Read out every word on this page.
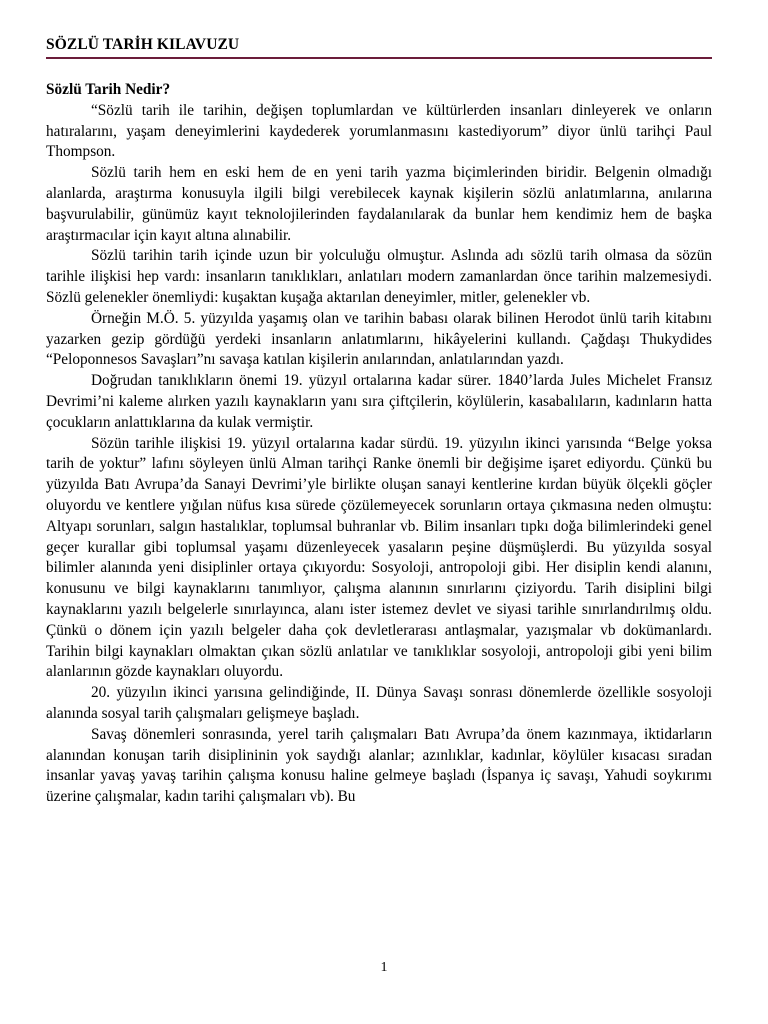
SÖZLÜ TARİH KILAVUZU

Sözlü Tarih Nedir?

“Sözlü tarih ile tarihin, değişen toplumlardan ve kültürlerden insanları dinleyerek ve onların hatıralarını, yaşam deneyimlerini kaydederek yorumlanmasını kastediyorum” diyor ünlü tarihçi Paul Thompson.

Sözlü tarih hem en eski hem de en yeni tarih yazma biçimlerinden biridir. Belgenin olmadığı alanlarda, araştırma konusuyla ilgili bilgi verebilecek kaynak kişilerin sözlü anlatımlarına, anılarına başvurulabilir, günümüz kayıt teknolojilerinden faydalanılarak da bunlar hem kendimiz hem de başka araştırmacılar için kayıt altına alınabilir.

Sözlü tarihin tarih içinde uzun bir yolculuğu olmuştur. Aslında adı sözlü tarih olmasa da sözün tarihle ilişkisi hep vardı: insanların tanıklıkları, anlatıları modern zamanlardan önce tarihin malzemesiydi. Sözlü gelenekler önemliydi: kuşaktan kuşağa aktarılan deneyimler, mitler, gelenekler vb.

Örneğin M.Ö. 5. yüzyılda yaşamış olan ve tarihin babası olarak bilinen Herodot ünlü tarih kitabını yazarken gezip gördüğü yerdeki insanların anlatımlarını, hikâyelerini kullandı. Çağdaşı Thukydides “Peloponnesos Savaşları”nı savaşa katılan kişilerin anılarından, anlatılarından yazdı.

Doğrudan tanıklıkların önemi 19. yüzyıl ortalarına kadar sürer. 1840’larda Jules Michelet Fransız Devrimi’ni kaleme alırken yazılı kaynakların yanı sıra çiftçilerin, köylülerin, kasabalıların, kadınların hatta çocukların anlattıklarına da kulak vermiştir.

Sözün tarihle ilişkisi 19. yüzyıl ortalarına kadar sürdü. 19. yüzyılın ikinci yarısında “Belge yoksa tarih de yoktur” lafını söyleyen ünlü Alman tarihçi Ranke önemli bir değişime işaret ediyordu. Çünkü bu yüzyılda Batı Avrupa’da Sanayi Devrimi’yle birlikte oluşan sanayi kentlerine kırdan büyük ölçekli göçler oluyordu ve kentlere yığılan nüfus kısa sürede çözülemeyecek sorunların ortaya çıkmasına neden olmuştu: Altyapı sorunları, salgın hastalıklar, toplumsal buhranlar vb. Bilim insanları tıpkı doğa bilimlerindeki genel geçer kurallar gibi toplumsal yaşamı düzenleyecek yasaların peşine düşmüşlerdi. Bu yüzyılda sosyal bilimler alanında yeni disiplinler ortaya çıkıyordu: Sosyoloji, antropoloji gibi. Her disiplin kendi alanını, konusunu ve bilgi kaynaklarını tanımlıyor, çalışma alanının sınırlarını çiziyordu. Tarih disiplini bilgi kaynaklarını yazılı belgelerle sınırlayınca, alanı ister istemez devlet ve siyasi tarihle sınırlandırılmış oldu. Çünkü o dönem için yazılı belgeler daha çok devletlerarası antlaşmalar, yazışmalar vb dokümanlardı. Tarihin bilgi kaynakları olmaktan çıkan sözlü anlatılar ve tanıklıklar sosyoloji, antropoloji gibi yeni bilim alanlarının gözde kaynakları oluyordu.

20. yüzyılın ikinci yarısına gelindiğinde, II. Dünya Savaşı sonrası dönemlerde özellikle sosyoloji alanında sosyal tarih çalışmaları gelişmeye başladı.

Savaş dönemleri sonrasında, yerel tarih çalışmaları Batı Avrupa’da önem kazınmaya, iktidarların alanından konuşan tarih disiplininin yok saydığı alanlar; azınlıklar, kadınlar, köylüler kısacası sıradan insanlar yavaş yavaş tarihin çalışma konusu haline gelmeye başladı (İspanya iç savaşı, Yahudi soykırımı üzerine çalışmalar, kadın tarihi çalışmaları vb). Bu

1
